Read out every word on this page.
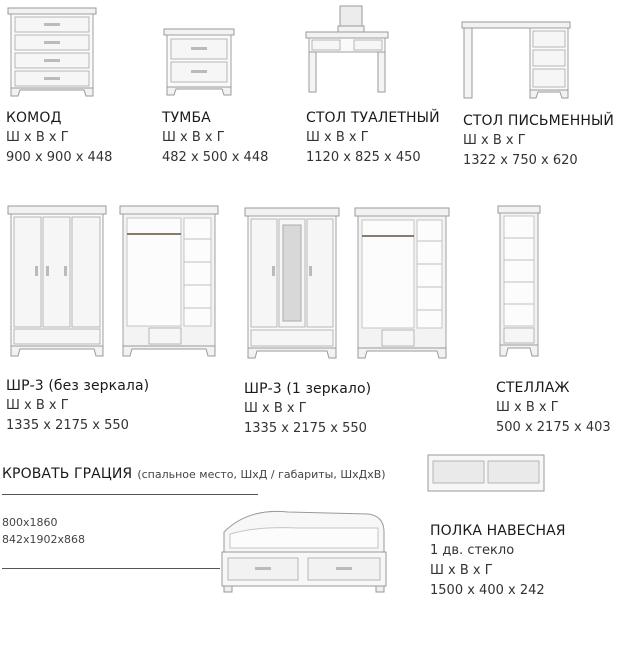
КОМОД
Ш х В х Г
900 х 900 х 448
ТУМБА
Ш х В х Г
482 х 500 х 448
СТОЛ ТУАЛЕТНЫЙ
Ш х В х Г
1120 х 825 х 450
СТОЛ ПИСЬМЕННЫЙ
Ш х В х Г
1322 х 750 х 620
ШР-3 (без зеркала)
Ш х В х Г
1335 х 2175 х 550
ШР-3 (1 зеркало)
Ш х В х Г
1335 х 2175 х 550
СТЕЛЛАЖ
Ш х В х Г
500 х 2175 х 403
КРОВАТЬ ГРАЦИЯ (спальное место, ШхД / габариты, ШхДхВ)
800х1860
842х1902х868
ПОЛКА НАВЕСНАЯ
1 дв. стекло
Ш х В х Г
1500 х 400 х 242
